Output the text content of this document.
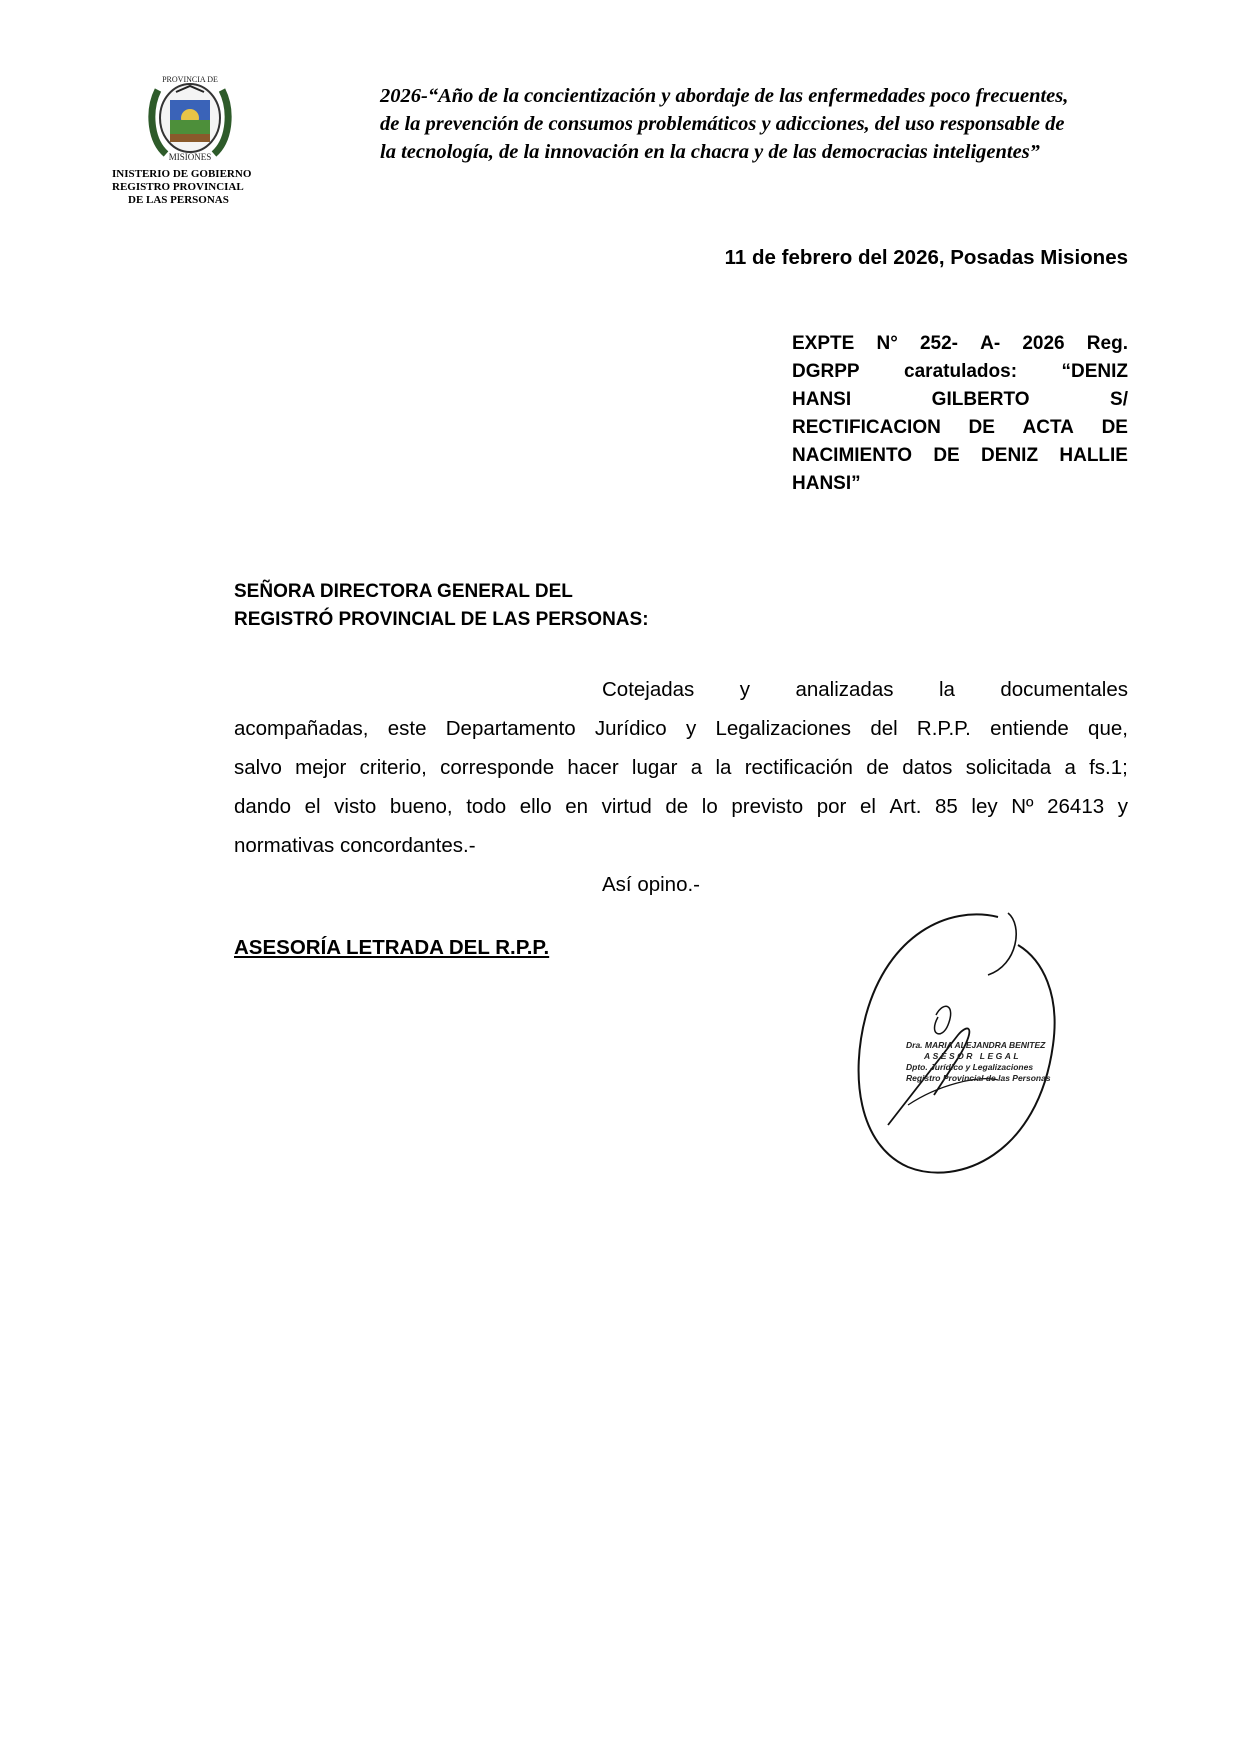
PROVINCIA DE
MISIONES
INISTERIO DE GOBIERNO
REGISTRO PROVINCIAL
DE LAS PERSONAS
2026-“Año de la concientización y abordaje de las enfermedades poco frecuentes,
de la prevención de consumos problemáticos y adicciones, del uso responsable de
la tecnología, de la innovación en la chacra y de las democracias inteligentes”
11 de febrero del 2026, Posadas Misiones
EXPTE N° 252- A- 2026 Reg.
DGRPP caratulados: “DENIZ
HANSI	GILBERTO	S/
RECTIFICACION DE ACTA DE
NACIMIENTO DE DENIZ HALLIE
HANSI”
SEÑORA DIRECTORA GENERAL DEL
REGISTRÓ PROVINCIAL DE LAS PERSONAS:
Cotejadas y analizadas la documentales
acompañadas, este Departamento Jurídico y Legalizaciones del R.P.P. entiende que,
salvo mejor criterio, corresponde hacer lugar a la rectificación de datos solicitada a fs.1;
dando el visto bueno, todo ello en virtud de lo previsto por el Art. 85 ley Nº 26413 y
normativas concordantes.-
Así opino.-
ASESORÍA LETRADA DEL R.P.P.
Dra. MARIA ALEJANDRA BENITEZ
ASESOR LEGAL
Dpto. Jurídico y Legalizaciones
Registro Provincial de las Personas
